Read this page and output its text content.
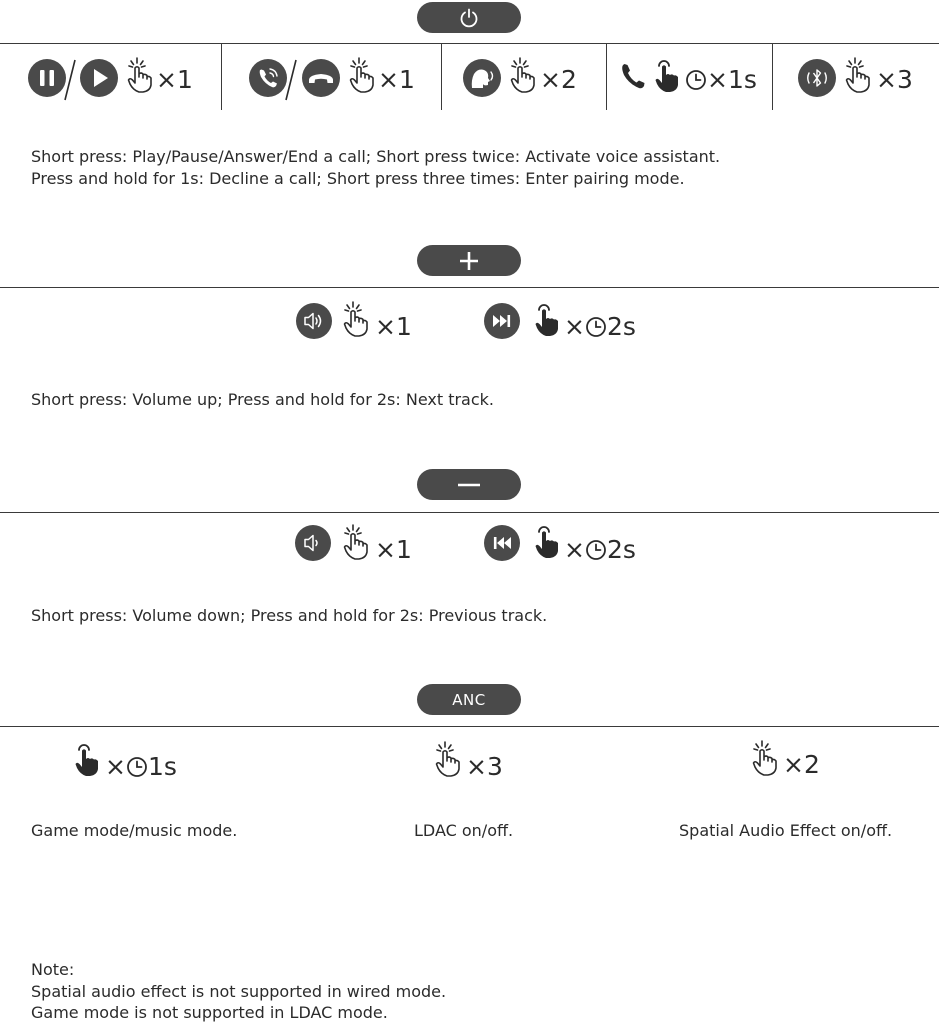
×1	×1	×2	×1s	×3
Short press: Play/Pause/Answer/End a call; Short press twice: Activate voice assistant.
Press and hold for 1s: Decline a call; Short press three times: Enter pairing mode.
×1	× 2s
Short press: Volume up; Press and hold for 2s: Next track.
×1	× 2s
Short press: Volume down; Press and hold for 2s: Previous track.
ANC
× 1s	×3	×2
Game mode/music mode.	LDAC on/off.	Spatial Audio Effect on/off.
Note:
Spatial audio effect is not supported in wired mode.
Game mode is not supported in LDAC mode.
